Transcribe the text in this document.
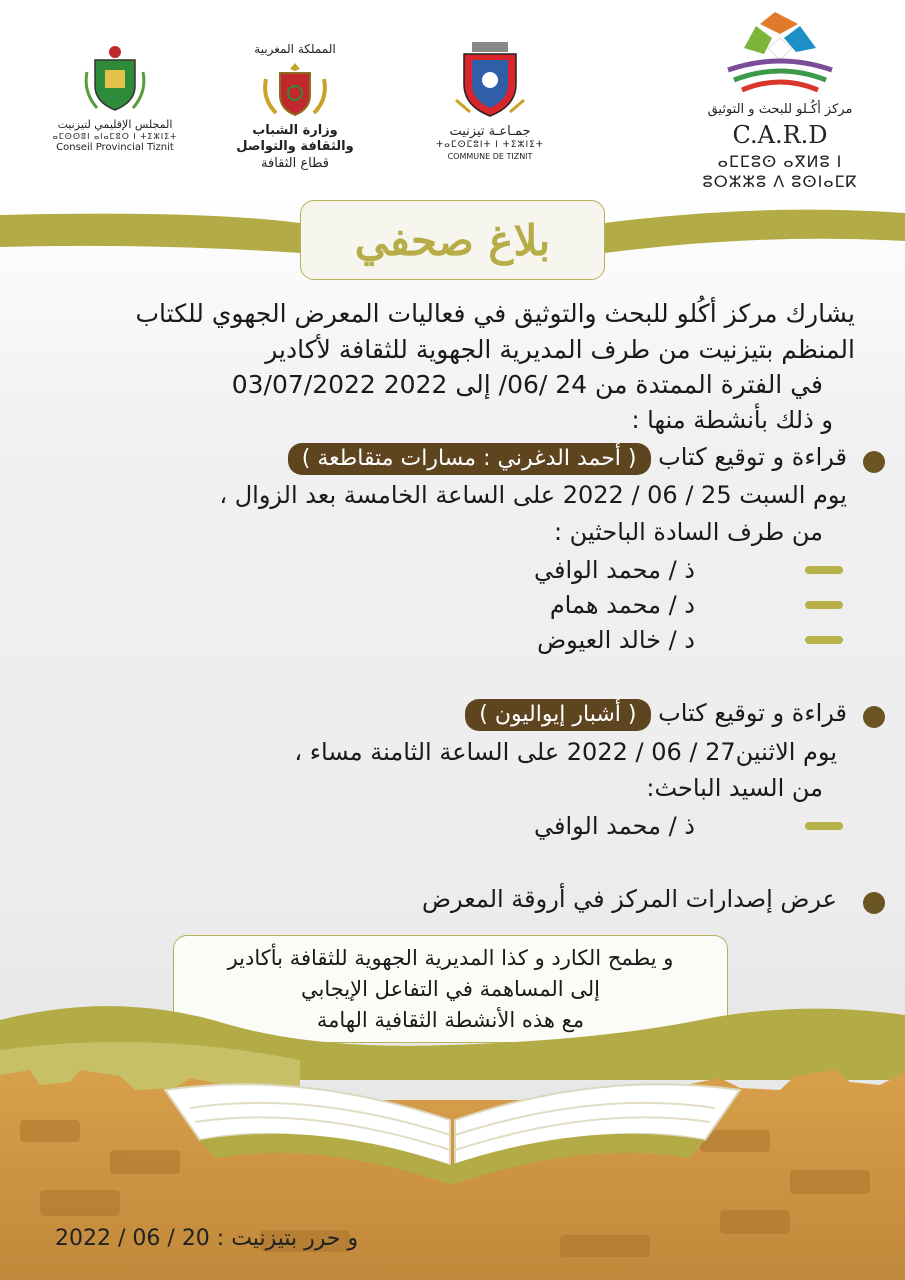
مركز أكُـلو للبحث و التوثيق
C.A.R.D
ⴰⵎⵎⵓⵙ ⴰⴳⵍⵓ ⵏ
ⵓⵔⵣⵣⵓ ⴷ ⵓⵙⵏⴰⵎⴽ
جمـاعـة تيزنيت
ⵜⴰⵎⵙⵎⵓⵏⵜ ⵏ ⵜⵉⵣⵏⵉⵜ
COMMUNE DE TIZNIT
المملكة المغربية
وزارة الشباب
والثقافة والتواصل
قطاع الثقافة
المجلس الإقليمي لتيزنيت
ⴰⵎⵙⵙⵓⵏ ⴰⵏⴰⵎⵓⵔ ⵏ ⵜⵉⵣⵏⵉⵜ
Conseil Provincial Tiznit
بلاغ صحفي
يشارك مركز أكُلو للبحث والتوثيق في فعاليات المعرض الجهوي للكتاب
المنظم بتيزنيت من طرف المديرية الجهوية للثقافة لأكادير
في الفترة الممتدة من 24 /06/ إلى 2022 03/07/2022
و ذلك بأنشطة منها :
قراءة و توقيع كتاب ( أحمد الدغرني : مسارات متقاطعة )
يوم السبت 25 / 06 / 2022 على الساعة الخامسة بعد الزوال ،
من طرف السادة الباحثين :
ذ / محمد الوافي
د / محمد همام
د / خالد العيوض
قراءة و توقيع كتاب ( أشبار إيواليون )
يوم الاثنين27 / 06 / 2022 على الساعة الثامنة مساء ،
من السيد الباحث:
ذ / محمد الوافي
عرض إصدارات المركز في أروقة المعرض
و يطمح الكارد و كذا المديرية الجهوية للثقافة بأكادير
إلى المساهمة في التفاعل الإيجابي
مع هذه الأنشطة الثقافية الهامة
و حرر بتيزنيت : 20 / 06 / 2022
